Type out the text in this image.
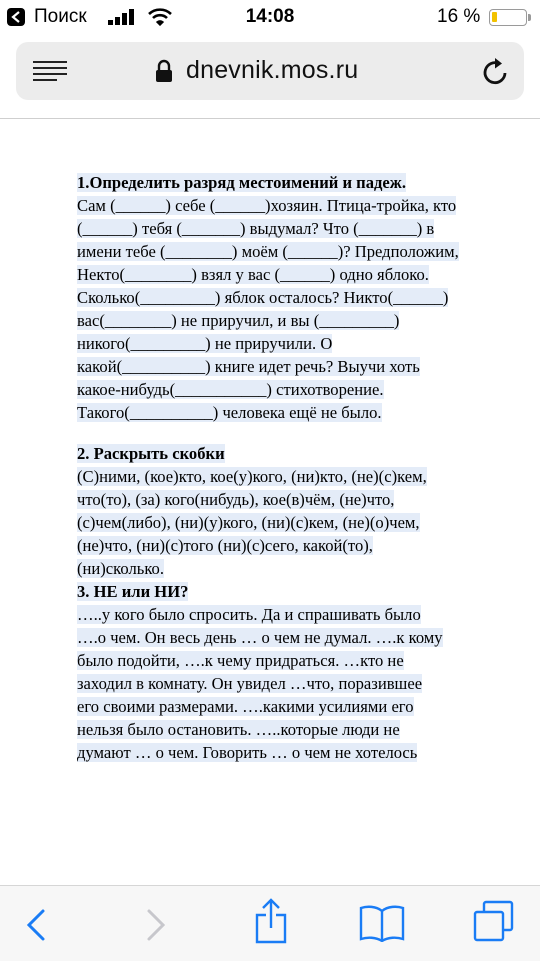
Поиск	14:08	16 %
dnevnik.mos.ru

1.Определить разряд местоимений и падеж.

Сам (______) себе (______)хозяин. Птица-тройка, кто

(______) тебя (_______) выдумал? Что (_______) в

имени тебе (________) моём (______)? Предположим,

Некто(________) взял у вас (______) одно яблоко.

Сколько(_________) яблок осталось? Никто(______)

вас(________) не приручил, и вы (_________)

никого(_________) не приручили. О

какой(__________) книге идет речь? Выучи хоть

какое-нибудь(___________) стихотворение.

Такого(__________) человека ещё не было.

2. Раскрыть скобки

(С)ними, (кое)кто, кое(у)кого, (ни)кто, (не)(с)кем,

что(то), (за) кого(нибудь), кое(в)чём, (не)что,

(с)чем(либо), (ни)(у)кого, (ни)(с)кем, (не)(о)чем,

(не)что, (ни)(с)того (ни)(с)сего, какой(то),

(ни)сколько.

3. НЕ или НИ?

…..у кого было спросить. Да и спрашивать было

….о чем. Он весь день … о чем не думал. ….к кому

было подойти, ….к чему придраться. …кто не

заходил в комнату. Он увидел …что, поразившее

его своими размерами. ….какими усилиями его

нельзя было остановить. …..которые люди не

думают … о чем. Говорить … о чем не хотелось
